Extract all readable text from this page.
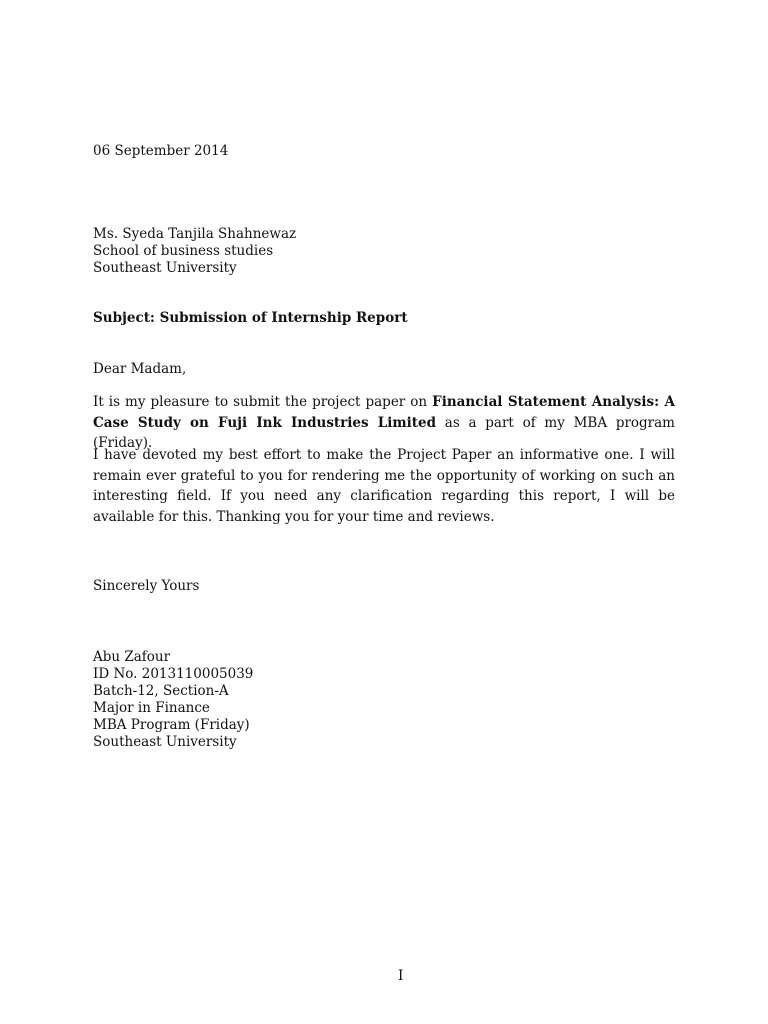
06 September 2014
Ms. Syeda Tanjila Shahnewaz
School of business studies
Southeast University
Subject: Submission of Internship Report
Dear Madam,
It is my pleasure to submit the project paper on Financial Statement Analysis: A Case Study on Fuji Ink Industries Limited as a part of my MBA program (Friday).
I have devoted my best effort to make the Project Paper an informative one. I will remain ever grateful to you for rendering me the opportunity of working on such an interesting field. If you need any clarification regarding this report, I will be available for this. Thanking you for your time and reviews.
Sincerely Yours
Abu Zafour
ID No. 2013110005039
Batch-12, Section-A
Major in Finance
MBA Program (Friday)
Southeast University
I
